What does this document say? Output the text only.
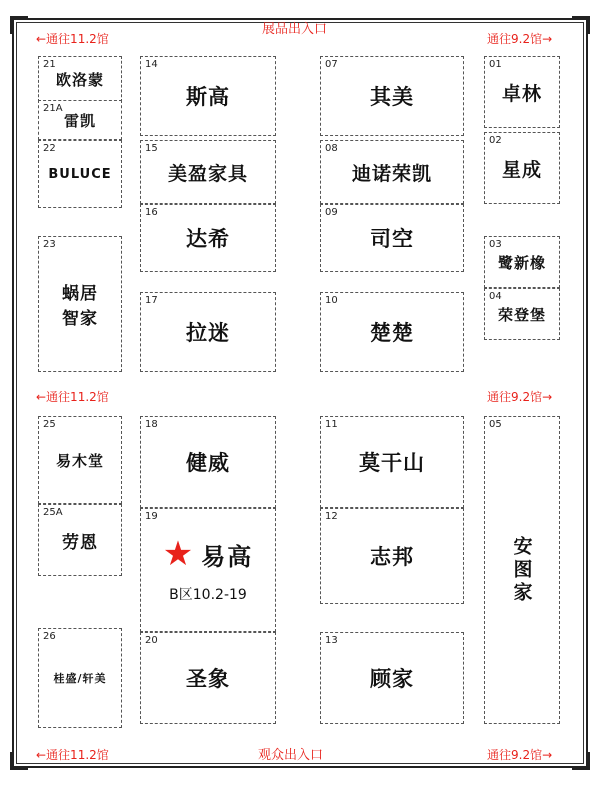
展品出入口
观众出入口
←通往11.2馆
←通往11.2馆
←通往11.2馆
通往9.2馆→
通往9.2馆→
通往9.2馆→
21
欧洛蒙
21A
雷凯
22
BULUCE
23
蜗居
智家
14
斯高
15
美盈家具
16
达希
17
拉迷
07
其美
08
迪诺荣凯
09
司空
10
楚楚
01
卓林
02
星成
03
鹭新橡
04
荣登堡
25
易木堂
25A
劳恩
26
桂盛/轩美
18
健威
20
圣象
11
莫干山
12
志邦
13
顾家
05
安图家
19
★ 易高
B区10.2-19
